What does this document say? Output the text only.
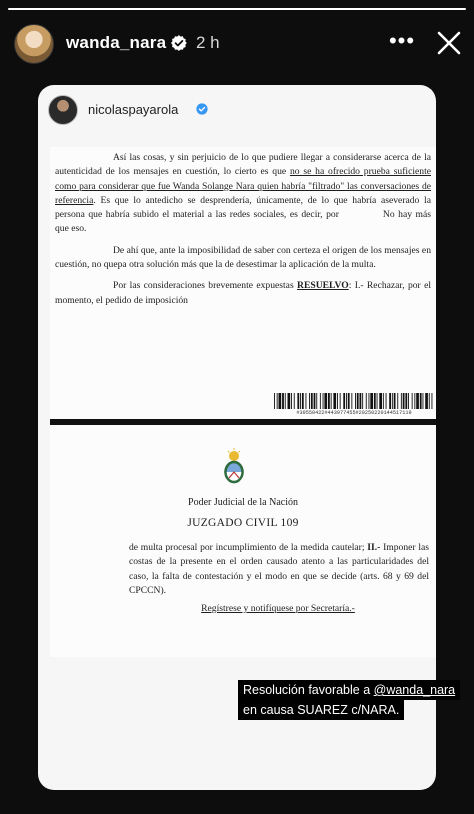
wanda_nara 2 h	•••
nicolaspayarola

Así las cosas, y sin perjuicio de lo que pudiere llegar a considerarse acerca de la autenticidad de los mensajes en cuestión, lo cierto es que no se ha ofrecido prueba suficiente como para considerar que fue Wanda Solange Nara quien habría "filtrado" las conversaciones de referencia. Es que lo antedicho se desprendería, únicamente, de lo que habría aseverado la persona que habría subido el material a las redes sociales, es decir, por	No hay más que eso.

De ahí que, ante la imposibilidad de saber con certeza el origen de los mensajes en cuestión, no quepa otra solución más que la de desestimar la aplicación de la multa.

Por las consideraciones brevemente expuestas RESUELVO: I.- Rechazar, por el momento, el pedido de imposición

#39550422#443977455#20250220144517119
Poder Judicial de la Nación
JUZGADO CIVIL 109

de multa procesal por incumplimiento de la medida cautelar; II.- Imponer las costas de la presente en el orden causado atento a las particularidades del caso, la falta de contestación y el modo en que se decide (arts. 68 y 69 del CPCCN).

Regístrese y notifíquese por Secretaría.-
Resolución favorable a @wanda_nara
en causa SUAREZ c/NARA.
